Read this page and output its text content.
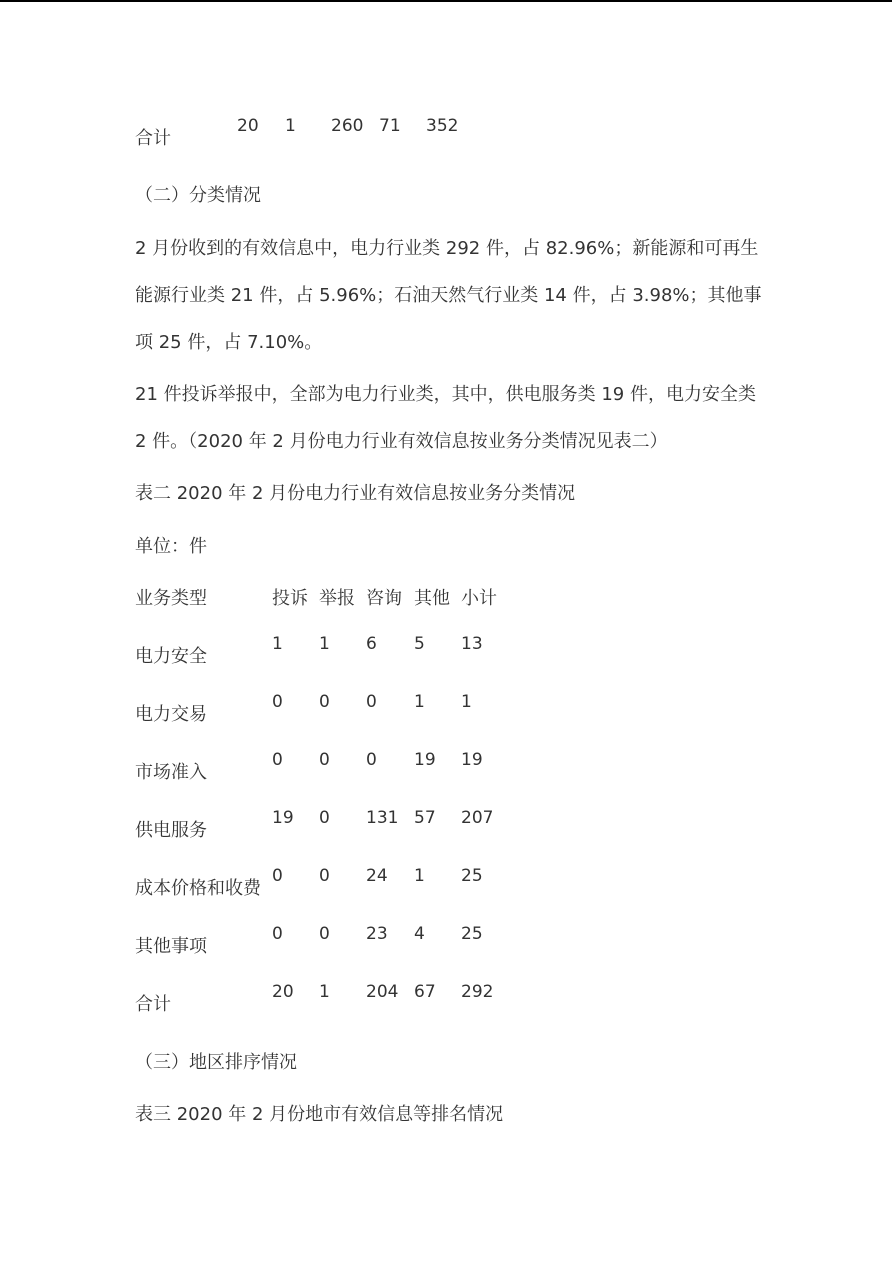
合计
20 1 260 71 352
（二）分类情况

2 月份收到的有效信息中，电力行业类 292 件，占 82.96%；新能源和可再生能源行业类 21 件，占 5.96%；石油天然气行业类 14 件，占 3.98%；其他事项 25 件，占 7.10%。

21 件投诉举报中，全部为电力行业类，其中，供电服务类 19 件，电力安全类 2 件。（2020 年 2 月份电力行业有效信息按业务分类情况见表二）

表二 2020 年 2 月份电力行业有效信息按业务分类情况
单位：件
业务类型	投诉 举报 咨询 其他 小计
电力安全
1 1 6 5 13
电力交易
0 0 0 1 1
市场准入
0 0 0 19 19
供电服务
19 0 131 57 207
成本价格和收费
0 0 24 1 25
其他事项
0 0 23 4 25
合计
20 1 204 67 292
（三）地区排序情况
表三 2020 年 2 月份地市有效信息等排名情况
